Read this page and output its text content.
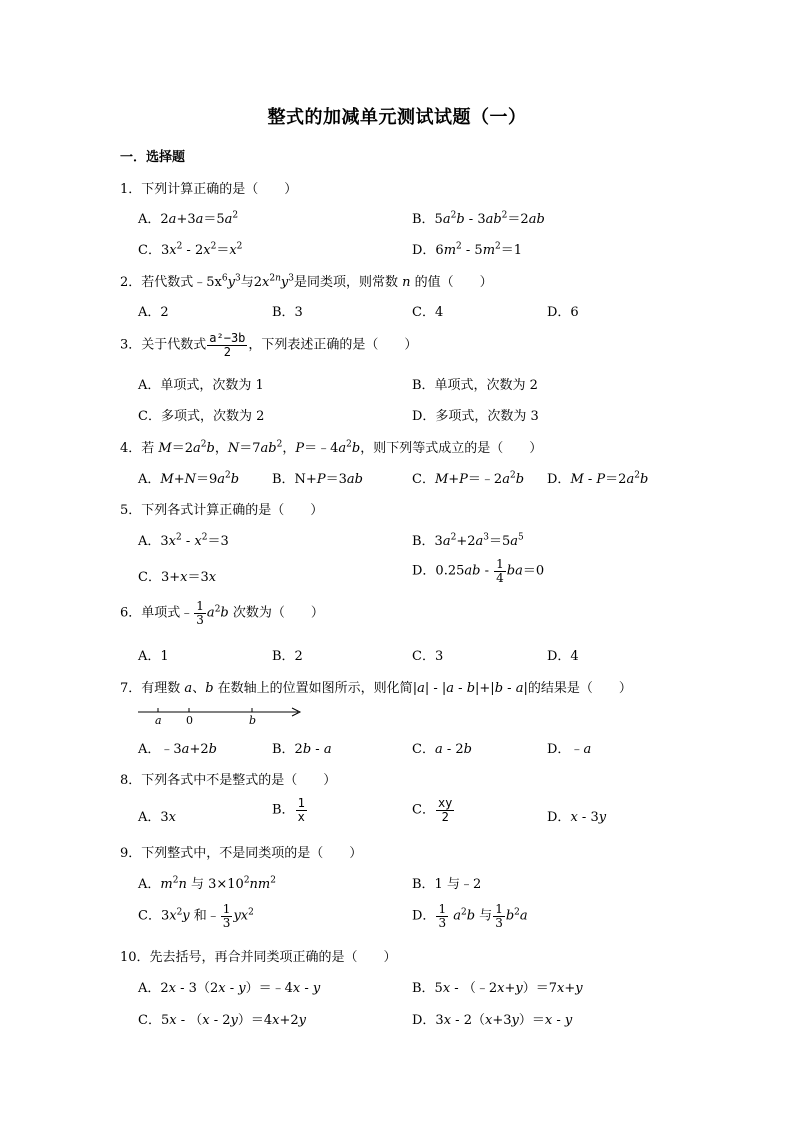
整式的加减单元测试试题（一）
一．选择题
1．下列计算正确的是（　　）
A．$2a+3a=5a^2$	B．$5a^2b - 3ab^2=2ab$
C．$3x^2 - 2x^2=x^2$	D．$6m^2 - 5m^2=1$
2．若代数式$﹣5x^6y^3$与$2x^{2n}y^3$是同类项，则常数 n 的值（　　）
A．2	B．3	C．4	D．6
3．关于代数式 $\frac{\text{a²−3b}}{2}$ ，下列表述正确的是（　　）
A．单项式，次数为 1	B．单项式，次数为 2
C．多项式，次数为 2	D．多项式，次数为 3
4．若 $M=2a^2b$，$N=7ab^2$，$P=﹣4a^2b$，则下列等式成立的是（　　）
A．$M+N=9a^2b$	B．N+P＝3ab	C．$M+P=﹣2a^2b$ D．$M - P=2a^2b$
5．下列各式计算正确的是（　　）
A．$3x^2 - x^2=3$	B．$3a^2+2a^3=5a^5$
C．3+x＝3x	D．$0.25ab - \frac{1}{4} ba=0$
6．单项式﹣ $\frac{1}{3} a^2b$ 次数为（　　）
A．1	B．2	C．3	D．4
7．有理数 a、b 在数轴上的位置如图所示，则化简|a| - |a - b|+|b - a|的结果是（　　）
a 0	b
A．﹣3a+2b	B．2b - a	C．a - 2b	D．﹣a
8．下列各式中不是整式的是（　　）
A．3x	B． $\frac{1}{x}$	C． $\frac{xy}{2}$	D．x - 3y
9．下列整式中，不是同类项的是（　　）
A．$m^2n$ 与 $3\times 10^2nm^2$	B．1 与﹣2
C．$3x^2y$ 和﹣ $\frac{1}{3} yx^2$	D． $\frac{1}{3} a^2b$ 与 $\frac{1}{3} b^2a$
10．先去括号，再合并同类项正确的是（　　）
A．2x - 3（2x - y）＝﹣4x - y	B．5x - （﹣2x+y）＝7x+y
C．5x - （x - 2y）＝4x+2y	D．3x - 2（x+3y）＝x - y
